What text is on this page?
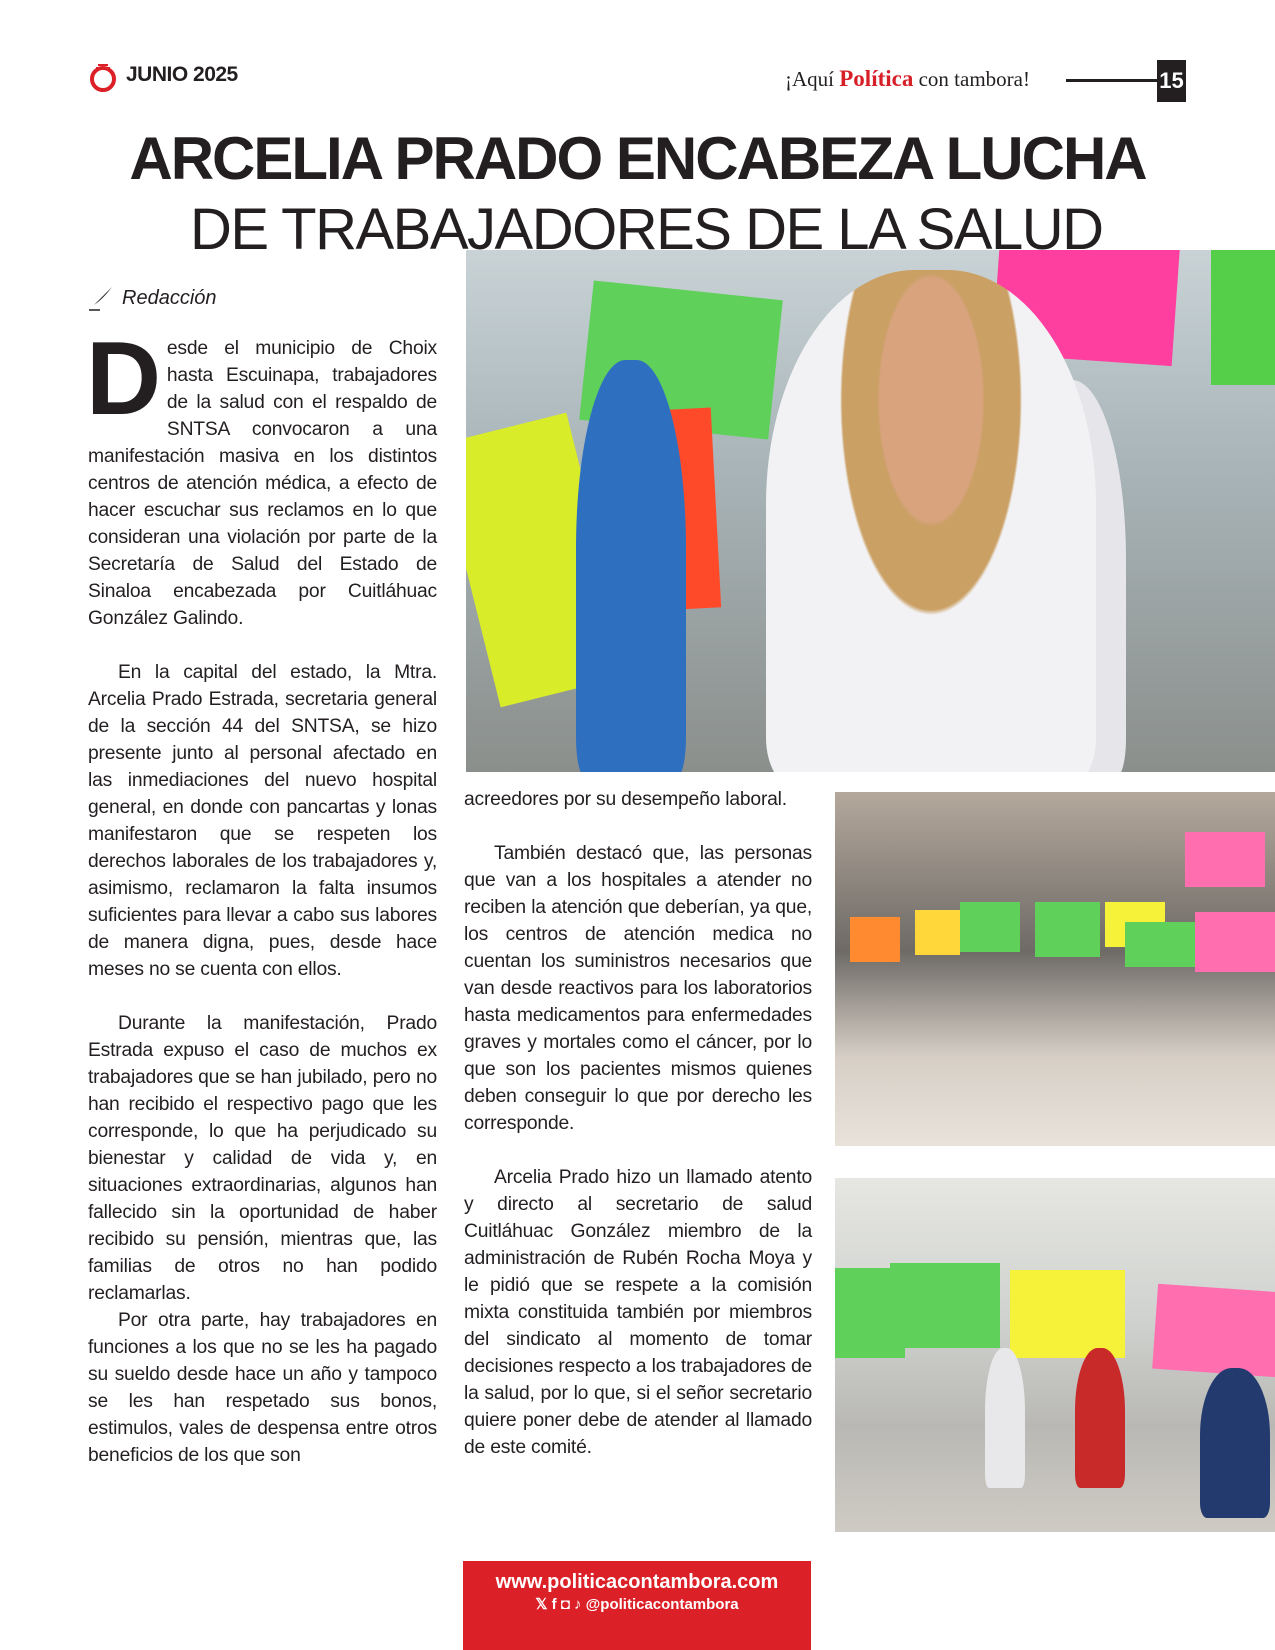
JUNIO 2025	¡Aquí Política con tambora!	15
ARCELIA PRADO ENCABEZA LUCHA
DE TRABAJADORES DE LA SALUD
Redacción

Desde el municipio de Choix hasta Escuinapa, trabajadores de la salud con el respaldo de SNTSA convocaron a una manifestación masiva en los distintos centros de atención médica, a efecto de hacer escuchar sus reclamos en lo que consideran una violación por parte de la Secretaría de Salud del Estado de Sinaloa encabezada por Cuitláhuac González Galindo.

En la capital del estado, la Mtra. Arcelia Prado Estrada, secretaria general de la sección 44 del SNTSA, se hizo presente junto al personal afectado en las inmediaciones del nuevo hospital general, en donde con pancartas y lonas manifestaron que se respeten los derechos laborales de los trabajadores y, asimismo, reclamaron la falta insumos suficientes para llevar a cabo sus labores de manera digna, pues, desde hace meses no se cuenta con ellos.

Durante la manifestación, Prado Estrada expuso el caso de muchos ex trabajadores que se han jubilado, pero no han recibido el respectivo pago que les corresponde, lo que ha perjudicado su bienestar y calidad de vida y, en situaciones extraordinarias, algunos han fallecido sin la oportunidad de haber recibido su pensión, mientras que, las familias de otros no han podido reclamarlas.

Por otra parte, hay trabajadores en funciones a los que no se les ha pagado su sueldo desde hace un año y tampoco se les han respetado sus bonos, estimulos, vales de despensa entre otros beneficios de los que son

acreedores por su desempeño laboral.

También destacó que, las personas que van a los hospitales a atender no reciben la atención que deberían, ya que, los centros de atención medica no cuentan los suministros necesarios que van desde reactivos para los laboratorios hasta medicamentos para enfermedades graves y mortales como el cáncer, por lo que son los pacientes mismos quienes deben conseguir lo que por derecho les corresponde.

Arcelia Prado hizo un llamado atento y directo al secretario de salud Cuitláhuac González miembro de la administración de Rubén Rocha Moya y le pidió que se respete a la comisión mixta constituida también por miembros del sindicato al momento de tomar decisiones respecto a los trabajadores de la salud, por lo que, si el señor secretario quiere poner debe de atender al llamado de este comité.

www.politicacontambora.com
𝕏 f ◘ ♪ @politicacontambora
